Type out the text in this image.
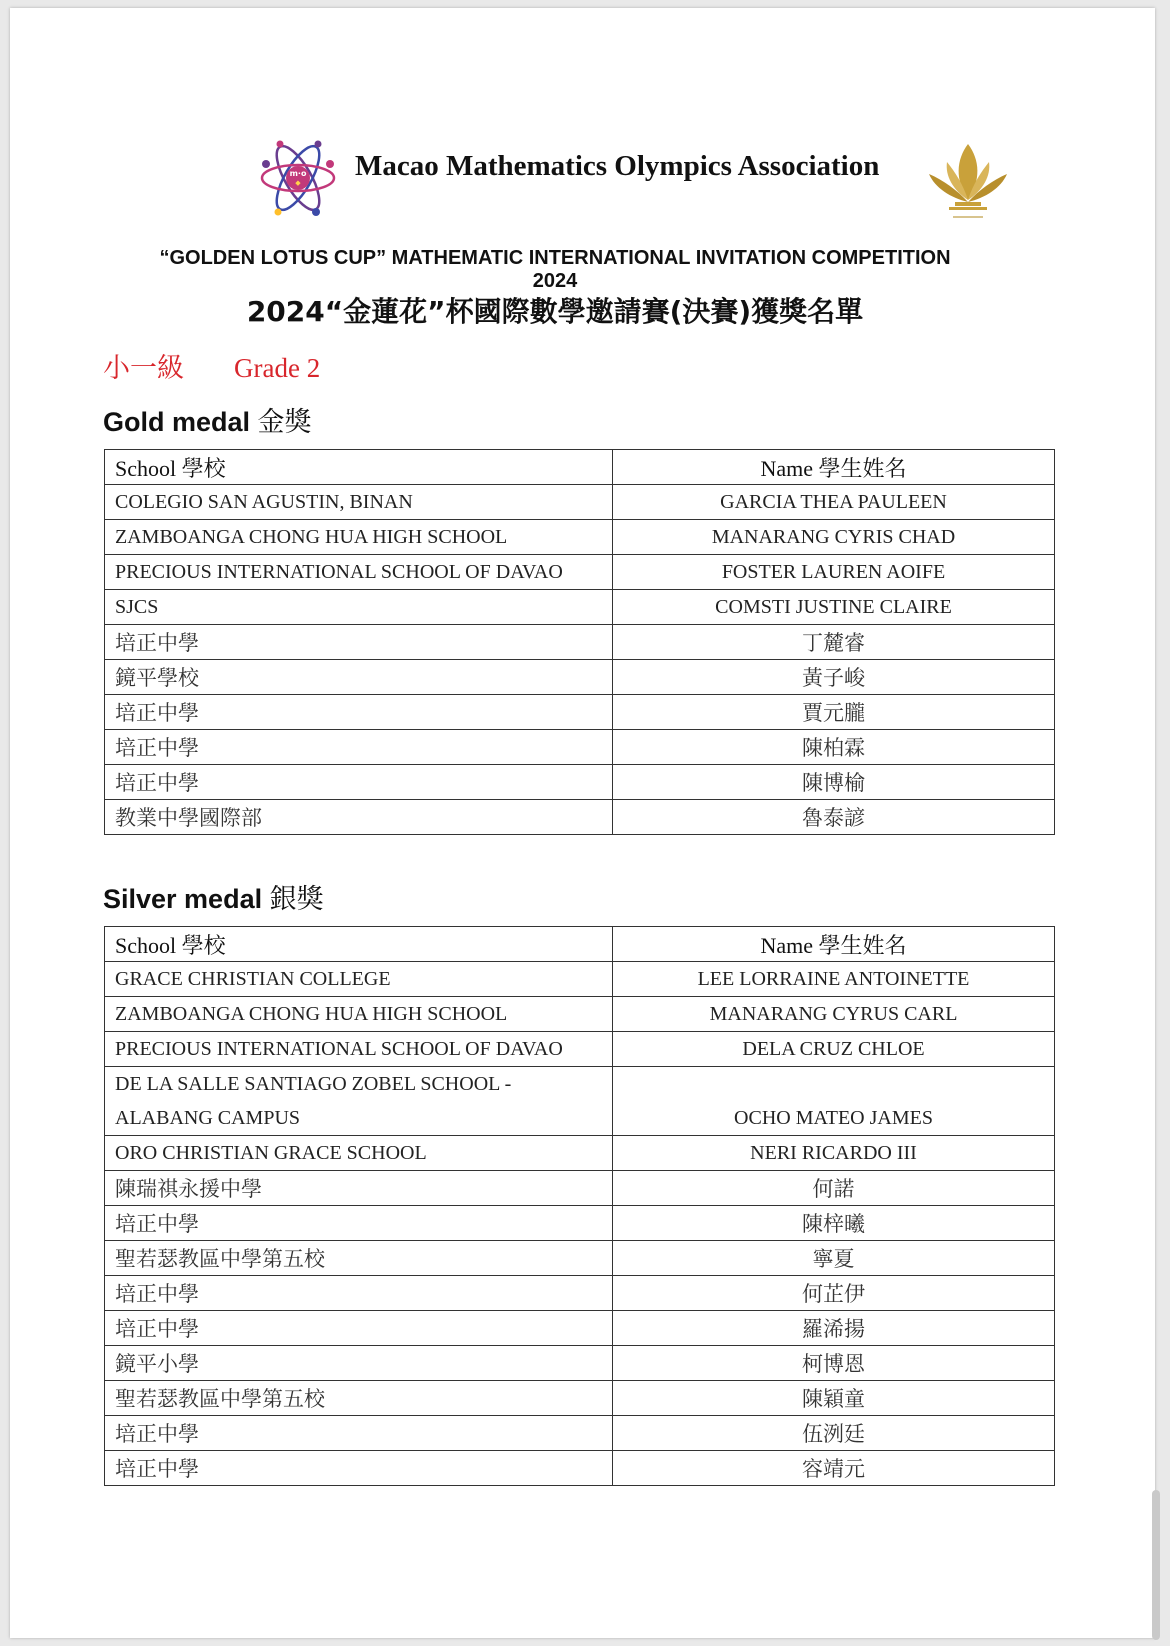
m·o
◆
Macao Mathematics Olympics Association
“GOLDEN LOTUS CUP” MATHEMATIC INTERNATIONAL INVITATION COMPETITION
2024
2024“金蓮花”杯國際數學邀請賽(決賽)獲獎名單
小一級 Grade 2
Gold medal 金獎
School 學校	Name 學生姓名
COLEGIO SAN AGUSTIN, BINAN	GARCIA THEA PAULEEN
ZAMBOANGA CHONG HUA HIGH SCHOOL	MANARANG CYRIS CHAD
PRECIOUS INTERNATIONAL SCHOOL OF DAVAO	FOSTER LAUREN AOIFE
SJCS	COMSTI JUSTINE CLAIRE
培正中學	丁麓睿
鏡平學校	黃子峻
培正中學	賈元朧
培正中學	陳柏霖
培正中學	陳博榆
教業中學國際部	魯泰諺
Silver medal 銀獎
School 學校	Name 學生姓名
GRACE CHRISTIAN COLLEGE	LEE LORRAINE ANTOINETTE
ZAMBOANGA CHONG HUA HIGH SCHOOL	MANARANG CYRUS CARL
PRECIOUS INTERNATIONAL SCHOOL OF DAVAO	DELA CRUZ CHLOE
DE LA SALLE SANTIAGO ZOBEL SCHOOL -
ALABANG CAMPUS	OCHO MATEO JAMES
ORO CHRISTIAN GRACE SCHOOL	NERI RICARDO III
陳瑞祺永援中學	何諾
培正中學	陳梓曦
聖若瑟教區中學第五校	寧夏
培正中學	何芷伊
培正中學	羅浠揚
鏡平小學	柯博恩
聖若瑟教區中學第五校	陳穎童
培正中學	伍洌廷
培正中學	容靖元
